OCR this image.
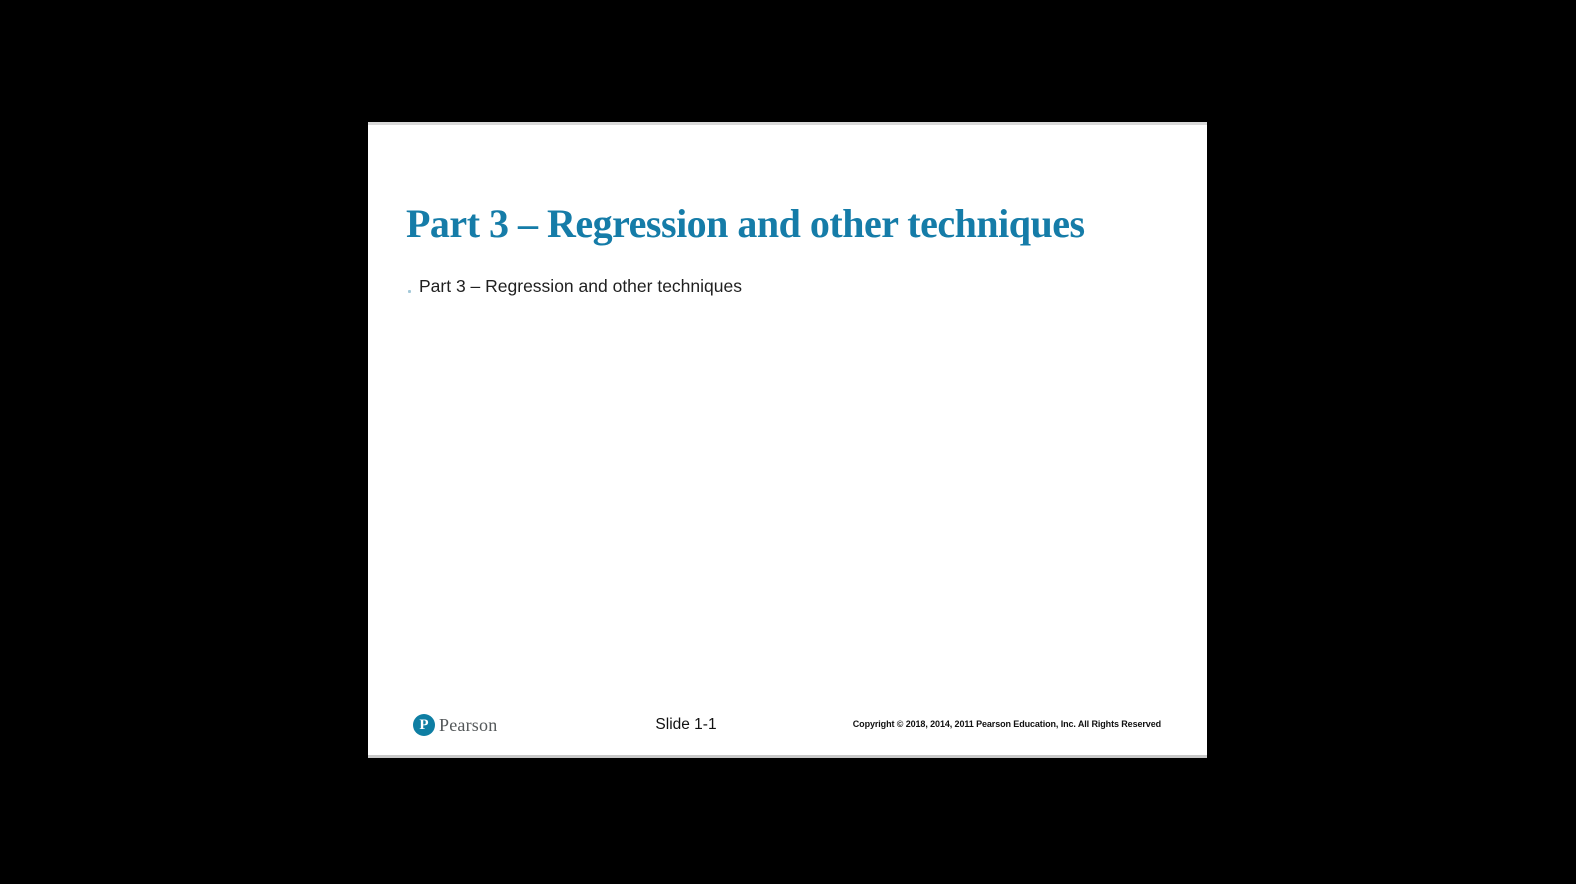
Part 3 – Regression and other techniques
Part 3 – Regression and other techniques
P Pearson	Slide 1-1	Copyright © 2018, 2014, 2011 Pearson Education, Inc. All Rights Reserved
